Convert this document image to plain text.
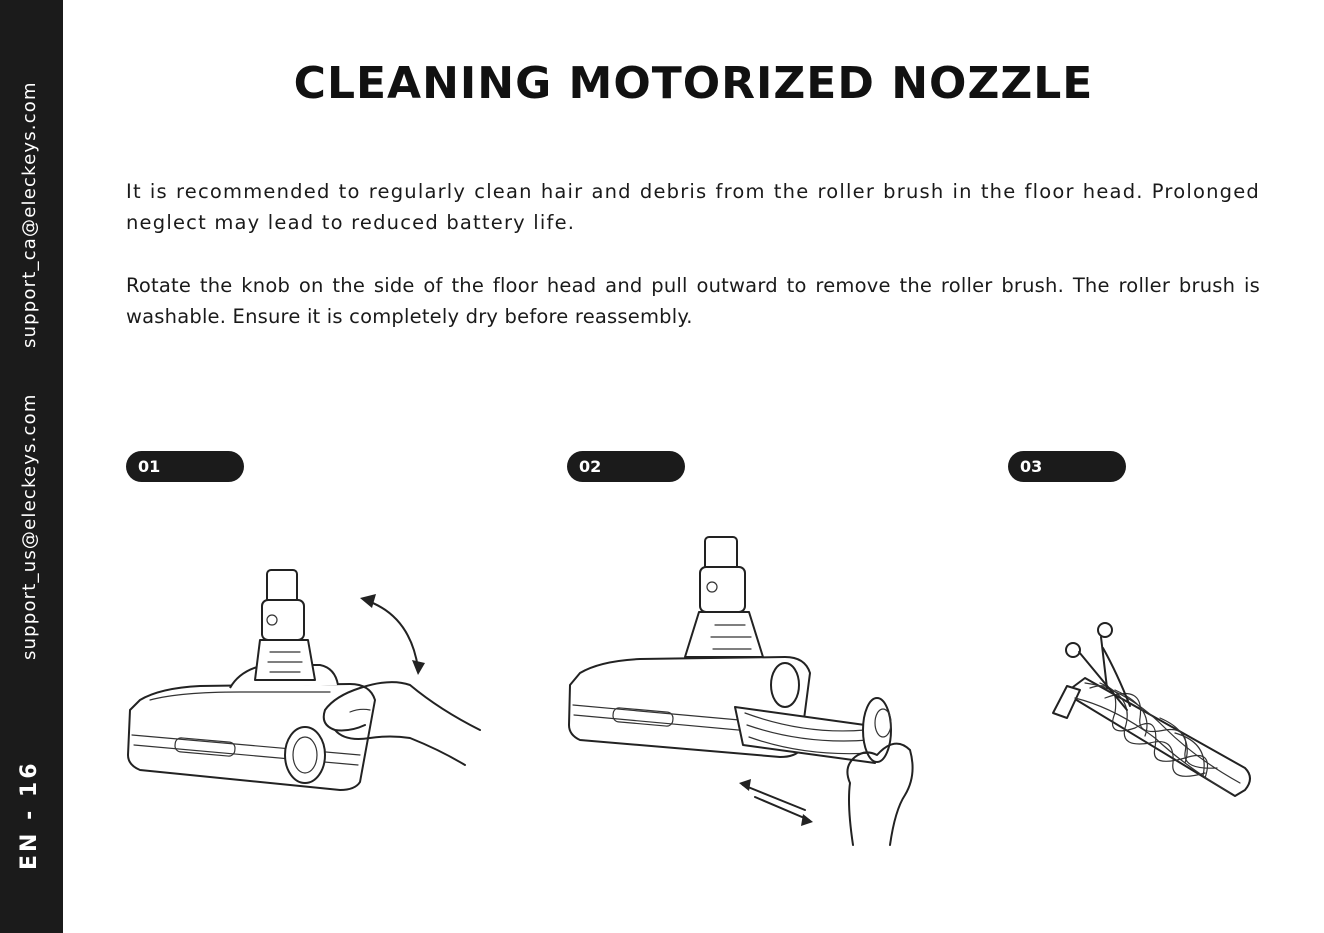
support_ca@eleckeys.com
support_us@eleckeys.com
EN - 16
CLEANING MOTORIZED NOZZLE

It is recommended to regularly clean hair and debris from the roller brush in the floor head. Prolonged neglect may lead to reduced battery life.

Rotate the knob on the side of the floor head and pull outward to remove the roller brush. The roller brush is washable. Ensure it is completely dry before reassembly.

01	02	03
